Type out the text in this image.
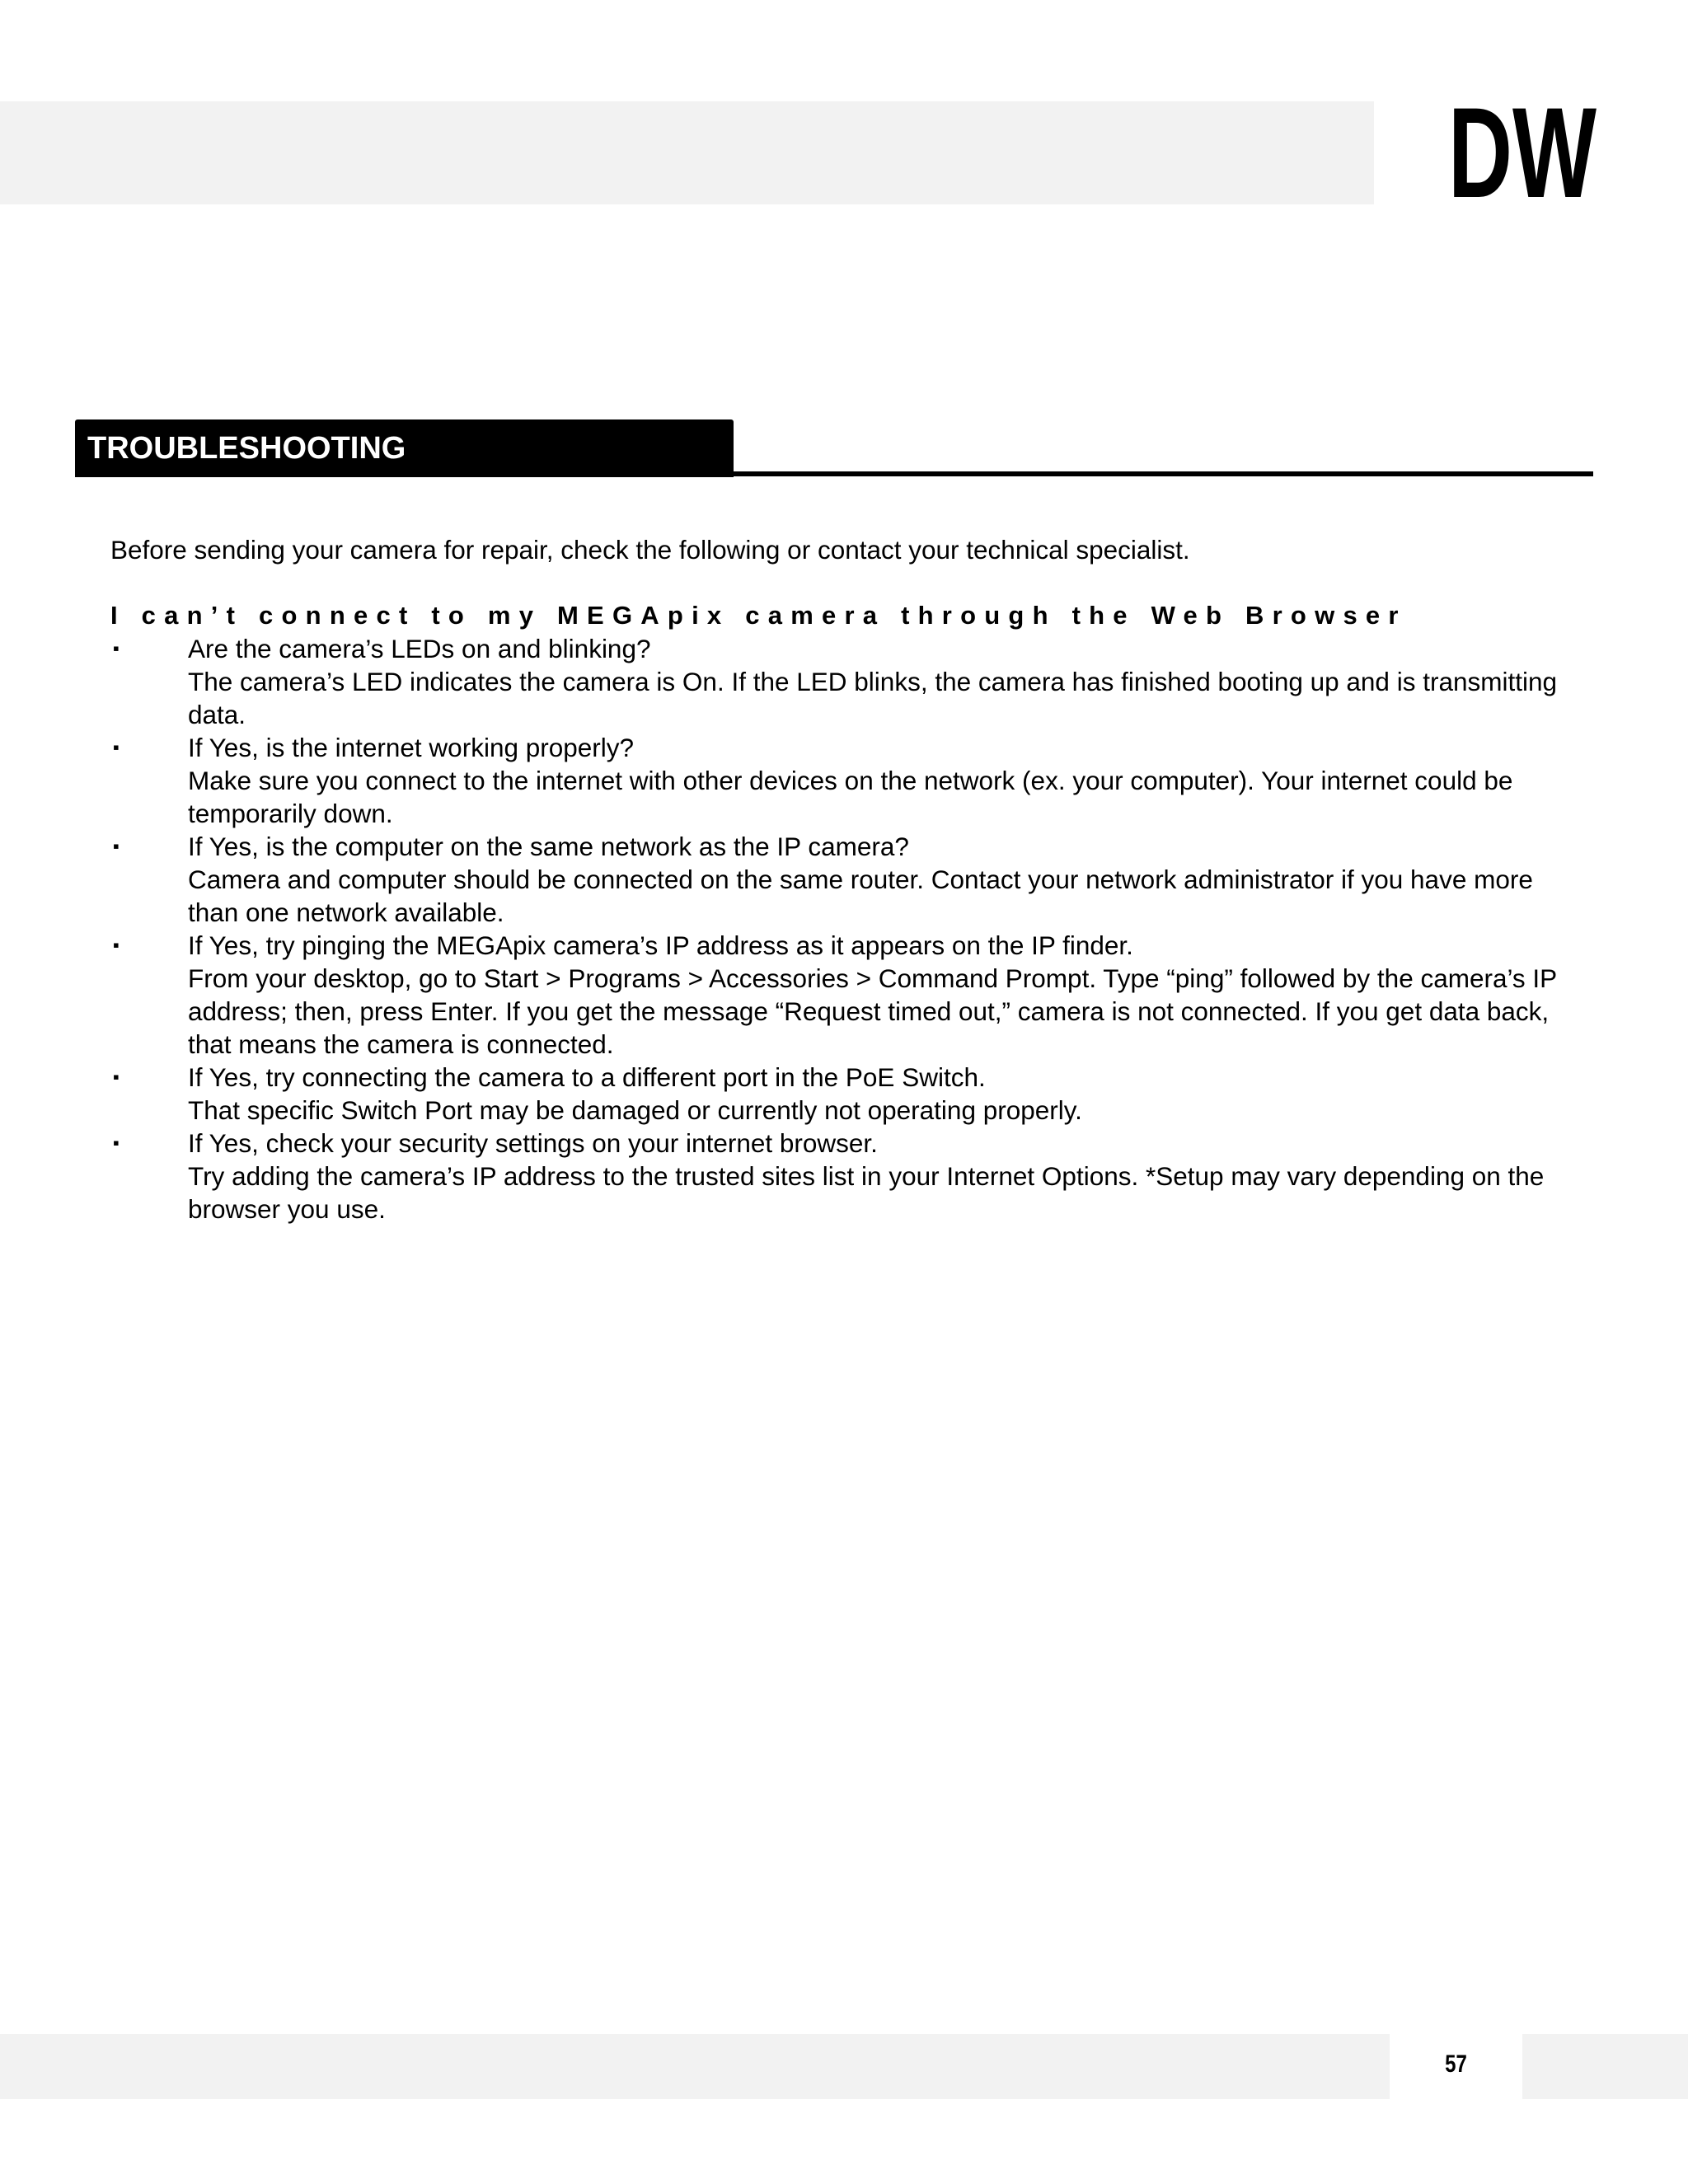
DW
TROUBLESHOOTING

Before sending your camera for repair, check the following or contact your technical specialist.

I can’t connect to my MEGApix camera through the Web Browser

▪	Are the camera’s LEDs on and blinking?
The camera’s LED indicates the camera is On. If the LED blinks, the camera has finished booting up and is transmitting data.
▪	If Yes, is the internet working properly?
Make sure you connect to the internet with other devices on the network (ex. your computer). Your internet could be temporarily down.
▪	If Yes, is the computer on the same network as the IP camera?
Camera and computer should be connected on the same router. Contact your network administrator if you have more than one network available.
▪	If Yes, try pinging the MEGApix camera’s IP address as it appears on the IP finder.
From your desktop, go to Start > Programs > Accessories > Command Prompt. Type “ping” followed by the camera’s IP address; then, press Enter. If you get the message “Request timed out,” camera is not connected. If you get data back, that means the camera is connected.
▪	If Yes, try connecting the camera to a different port in the PoE Switch.
That specific Switch Port may be damaged or currently not operating properly.
▪	If Yes, check your security settings on your internet browser.
Try adding the camera’s IP address to the trusted sites list in your Internet Options. *Setup may vary depending on the browser you use.
57
